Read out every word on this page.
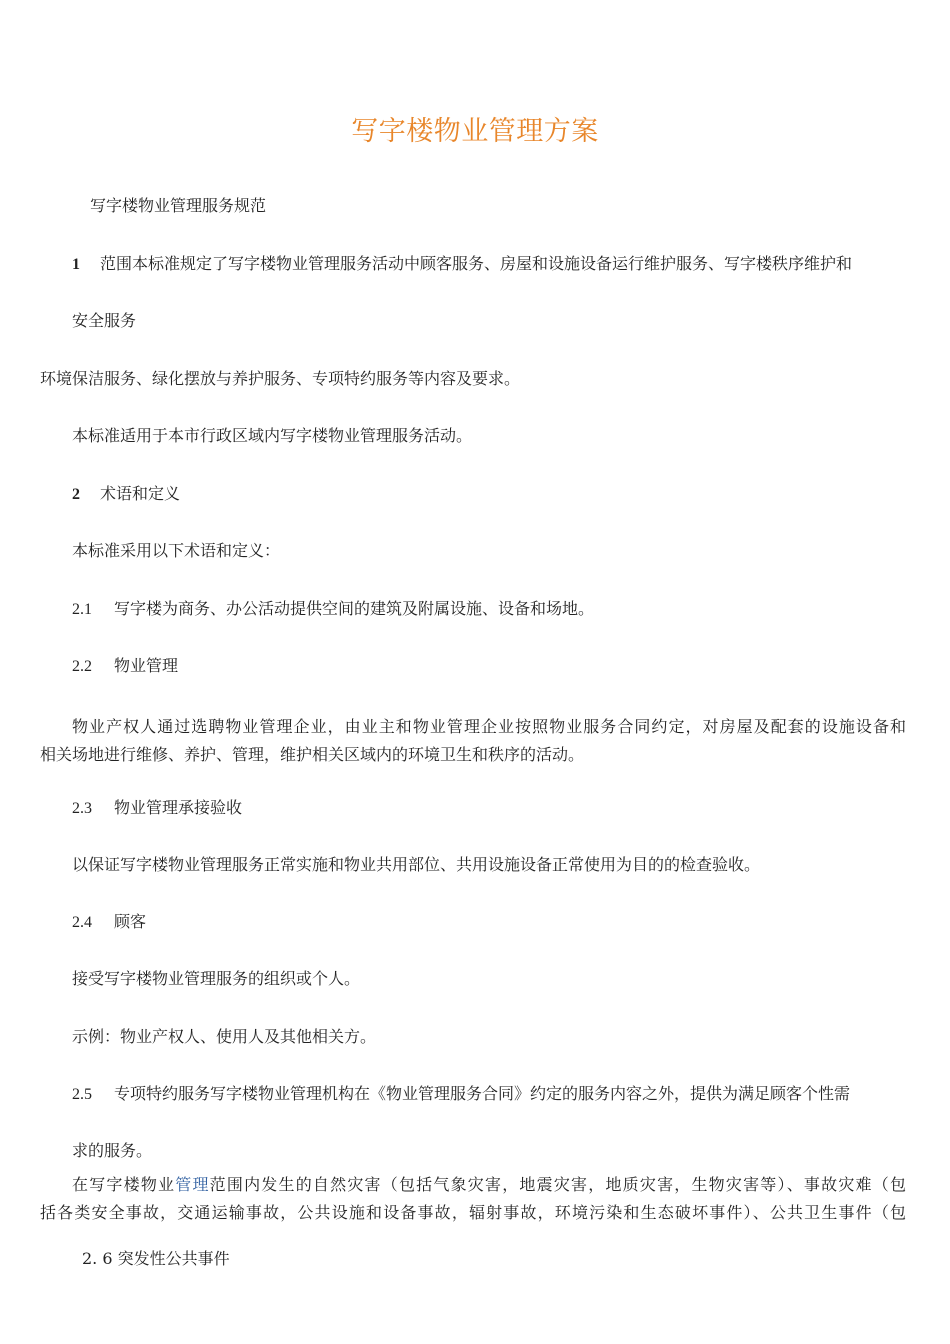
写字楼物业管理方案
写字楼物业管理服务规范
1 范围本标准规定了写字楼物业管理服务活动中顾客服务、房屋和设施设备运行维护服务、写字楼秩序维护和
安全服务
环境保洁服务、绿化摆放与养护服务、专项特约服务等内容及要求。
本标准适用于本市行政区域内写字楼物业管理服务活动。
2 术语和定义
本标准采用以下术语和定义：
2.1 写字楼为商务、办公活动提供空间的建筑及附属设施、设备和场地。
2.2 物业管理
物业产权人通过选聘物业管理企业，由业主和物业管理企业按照物业服务合同约定，对房屋及配套的设施设备和
相关场地进行维修、养护、管理，维护相关区域内的环境卫生和秩序的活动。
2.3 物业管理承接验收
以保证写字楼物业管理服务正常实施和物业共用部位、共用设施设备正常使用为目的的检查验收。
2.4 顾客
接受写字楼物业管理服务的组织或个人。
示例：物业产权人、使用人及其他相关方。
2.5 专项特约服务写字楼物业管理机构在《物业管理服务合同》约定的服务内容之外，提供为满足顾客个性需
求的服务。
在写字楼物业管理范围内发生的自然灾害（包括气象灾害，地震灾害，地质灾害，生物灾害等）、事故灾难（包
括各类安全事故，交通运输事故，公共设施和设备事故，辐射事故，环境污染和生态破坏事件）、公共卫生事件（包
2. 6 突发性公共事件
